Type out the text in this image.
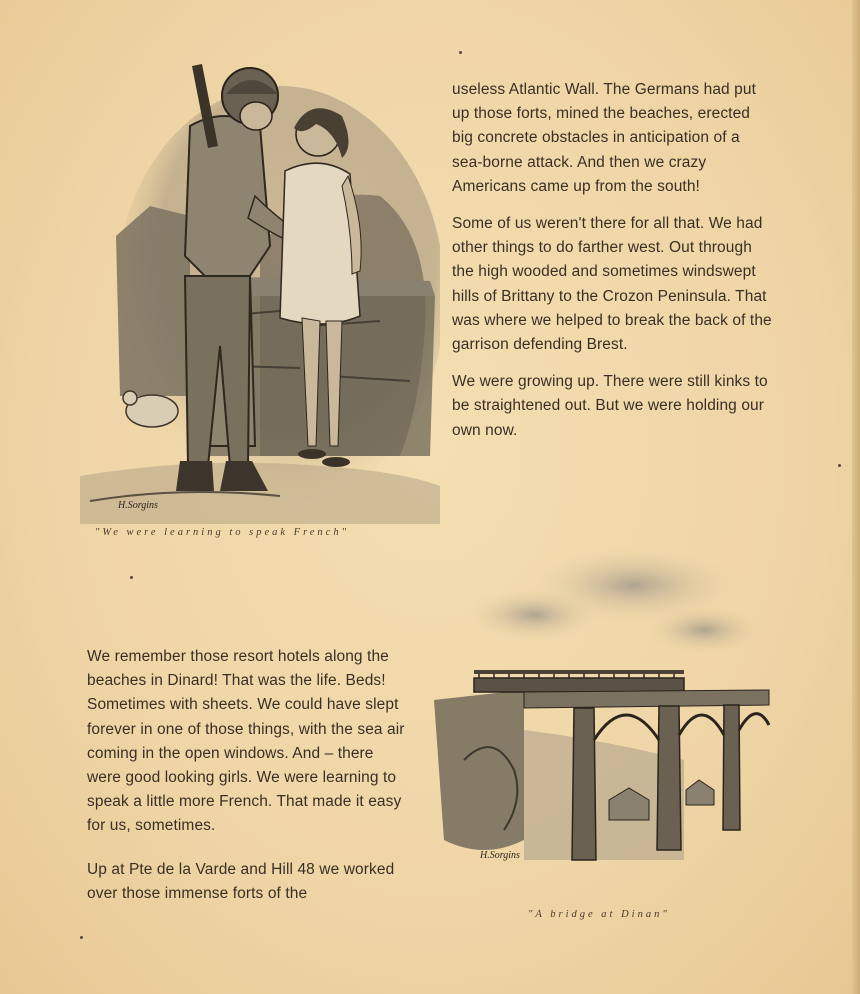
H.Sorgins
"We were learning to speak French"

useless Atlantic Wall. The Germans had put up those forts, mined the beaches, erected big concrete obstacles in anticipation of a sea-borne attack. And then we crazy Americans came up from the south!

Some of us weren't there for all that. We had other things to do farther west. Out through the high wooded and sometimes windswept hills of Brittany to the Crozon Peninsula. That was where we helped to break the back of the garrison defending Brest.

We were growing up. There were still kinks to be straightened out. But we were holding our own now.

H.Sorgins
"A bridge at Dinan"

We remember those resort hotels along the beaches in Dinard! That was the life. Beds! Sometimes with sheets. We could have slept forever in one of those things, with the sea air coming in the open windows. And – there were good looking girls. We were learning to speak a little more French. That made it easy for us, sometimes.

Up at Pte de la Varde and Hill 48 we worked over those immense forts of the
